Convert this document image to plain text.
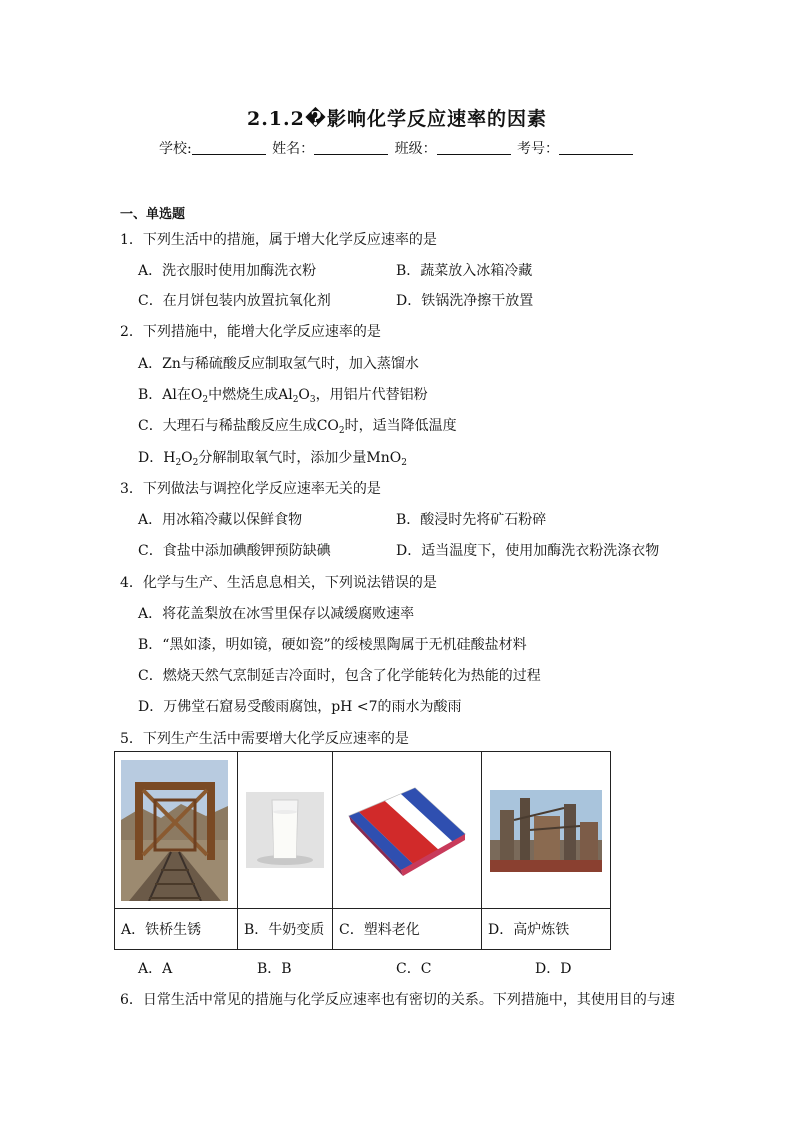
2.1.2�影响化学反应速率的因素
学校:	姓名：	班级：	考号：
一、单选题
1．下列生活中的措施，属于增大化学反应速率的是
A．洗衣服时使用加酶洗衣粉	B．蔬菜放入冰箱冷藏
C．在月饼包装内放置抗氧化剂	D．铁锅洗净擦干放置
2．下列措施中，能增大化学反应速率的是
A．Zn与稀硫酸反应制取氢气时，加入蒸馏水
B．Al在$O_2$中燃烧生成$Al_2O_3$，用铝片代替铝粉
C．大理石与稀盐酸反应生成$CO_2$时，适当降低温度
D．$H_2O_2$分解制取氧气时，添加少量MnO$_2$
3．下列做法与调控化学反应速率无关的是
A．用冰箱冷藏以保鲜食物	B．酸浸时先将矿石粉碎
C．食盐中添加碘酸钾预防缺碘	D．适当温度下，使用加酶洗衣粉洗涤衣物
4．化学与生产、生活息息相关，下列说法错误的是
A．将花盖梨放在冰雪里保存以减缓腐败速率
B．“黑如漆，明如镜，硬如瓷”的绥棱黑陶属于无机硅酸盐材料
C．燃烧天然气烹制延吉冷面时，包含了化学能转化为热能的过程
D．万佛堂石窟易受酸雨腐蚀，pH <7的雨水为酸雨
5．下列生产生活中需要增大化学反应速率的是

A．铁桥生锈	B．牛奶变质	C．塑料老化	D．高炉炼铁
A．A	B．B	C．C	D．D
6．日常生活中常见的措施与化学反应速率也有密切的关系。下列措施中，其使用目的与速
